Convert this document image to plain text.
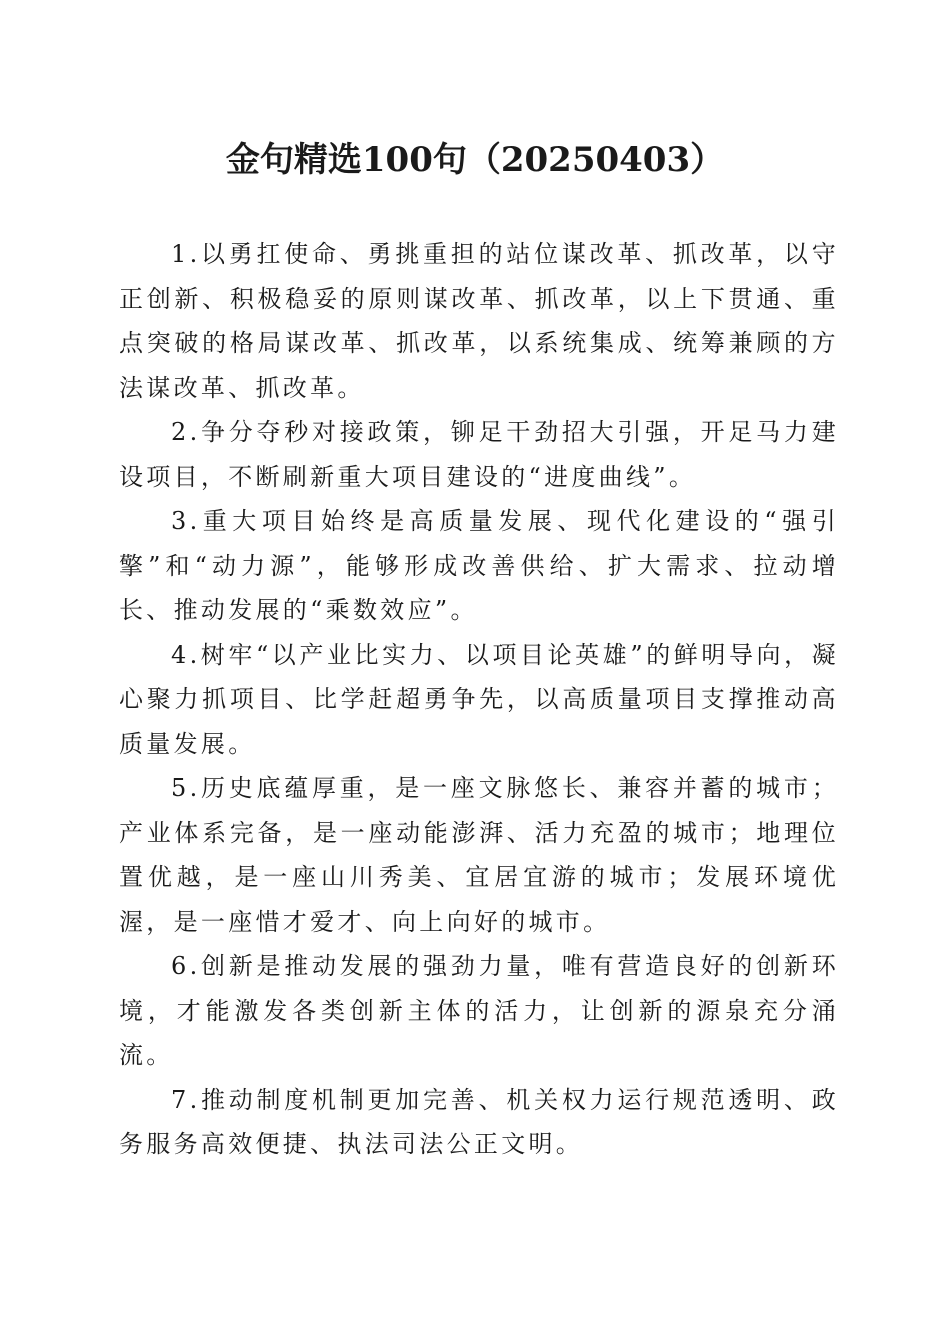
金句精选100句（20250403）

1.以勇扛使命、勇挑重担的站位谋改革、抓改革，以守正创新、积极稳妥的原则谋改革、抓改革，以上下贯通、重点突破的格局谋改革、抓改革，以系统集成、统筹兼顾的方法谋改革、抓改革。

2.争分夺秒对接政策，铆足干劲招大引强，开足马力建设项目，不断刷新重大项目建设的“进度曲线”。

3.重大项目始终是高质量发展、现代化建设的“强引擎”和“动力源”，能够形成改善供给、扩大需求、拉动增长、推动发展的“乘数效应”。

4.树牢“以产业比实力、以项目论英雄”的鲜明导向，凝心聚力抓项目、比学赶超勇争先，以高质量项目支撑推动高质量发展。

5.历史底蕴厚重，是一座文脉悠长、兼容并蓄的城市；产业体系完备，是一座动能澎湃、活力充盈的城市；地理位置优越，是一座山川秀美、宜居宜游的城市；发展环境优渥，是一座惜才爱才、向上向好的城市。

6.创新是推动发展的强劲力量，唯有营造良好的创新环境，才能激发各类创新主体的活力，让创新的源泉充分涌流。

7.推动制度机制更加完善、机关权力运行规范透明、政务服务高效便捷、执法司法公正文明。
